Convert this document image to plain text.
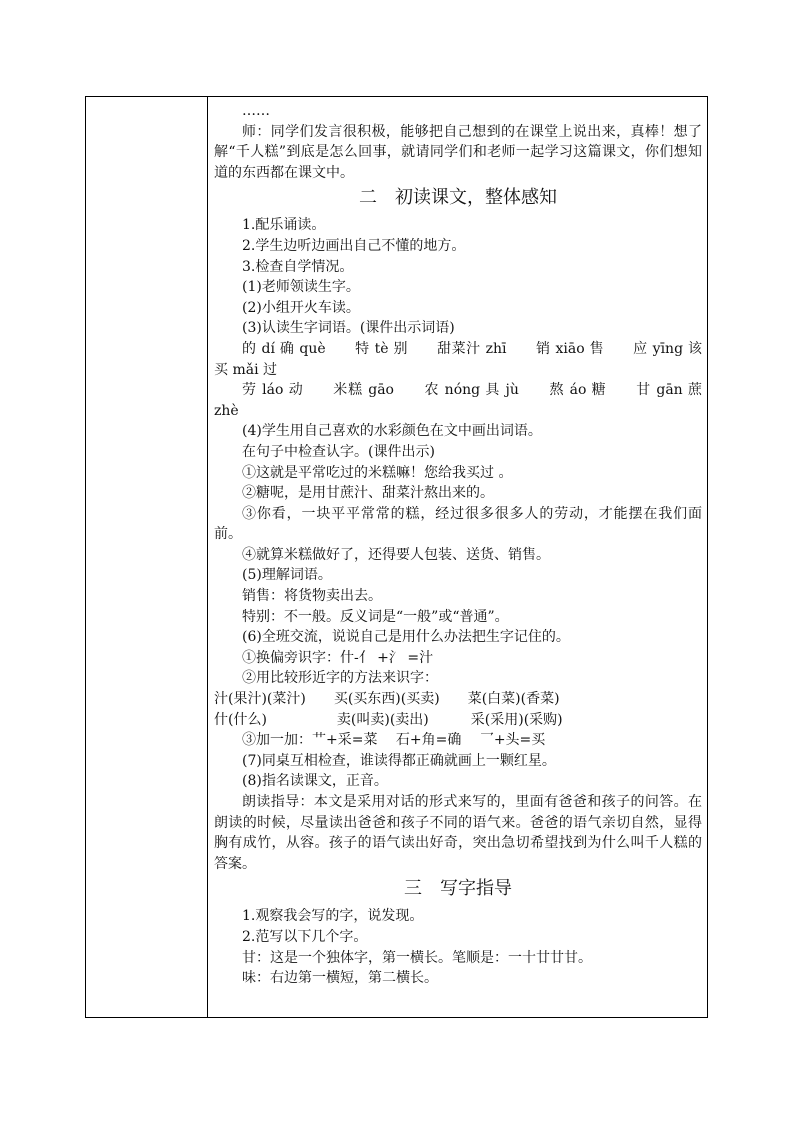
……

师：同学们发言很积极，能够把自己想到的在课堂上说出来，真棒！想了解“千人糕”到底是怎么回事，就请同学们和老师一起学习这篇课文，你们想知道的东西都在课文中。

二　初读课文，整体感知

1.配乐诵读。

2.学生边听边画出自己不懂的地方。

3.检查自学情况。

(1)老师领读生字。

(2)小组开火车读。

(3)认读生字词语。(课件出示词语)

的 dí 确 què　　特 tè 别　　甜菜汁 zhī　　销 xiāo 售　　应 yīng 该　　买 mǎi 过

劳 láo 动　　米糕 gāo　　农 nóng 具 jù　　熬 áo 糖　　甘 gān 蔗 zhè

(4)学生用自己喜欢的水彩颜色在文中画出词语。

在句子中检查认字。(课件出示)

①这就是平常吃过的米糕嘛！您给我买过 。

②糖呢，是用甘蔗汁、甜菜汁熬出来的。

③你看，一块平平常常的糕，经过很多很多人的劳动，才能摆在我们面前。

④就算米糕做好了，还得要人包装、送货、销售。

(5)理解词语。

销售：将货物卖出去。

特别：不一般。反义词是“一般”或“普通”。

(6)全班交流，说说自己是用什么办法把生字记住的。

①换偏旁识字：什-亻 +氵 =汁

②用比较形近字的方法来识字：

汁(果汁)(菜汁)　　买(买东西)(买卖)　　菜(白菜)(香菜)

什(什么)　　　　　卖(叫卖)(卖出)　　　采(采用)(采购)

③加一加：艹+采=菜　 石+角=确　 乛+头=买

(7)同桌互相检查，谁读得都正确就画上一颗红星。

(8)指名读课文，正音。

朗读指导：本文是采用对话的形式来写的，里面有爸爸和孩子的问答。在朗读的时候，尽量读出爸爸和孩子不同的语气来。爸爸的语气亲切自然，显得胸有成竹，从容。孩子的语气读出好奇，突出急切希望找到为什么叫千人糕的答案。

三　写字指导

1.观察我会写的字，说发现。

2.范写以下几个字。

甘：这是一个独体字，第一横长。笔顺是：一十廿廿甘。

味：右边第一横短，第二横长。
